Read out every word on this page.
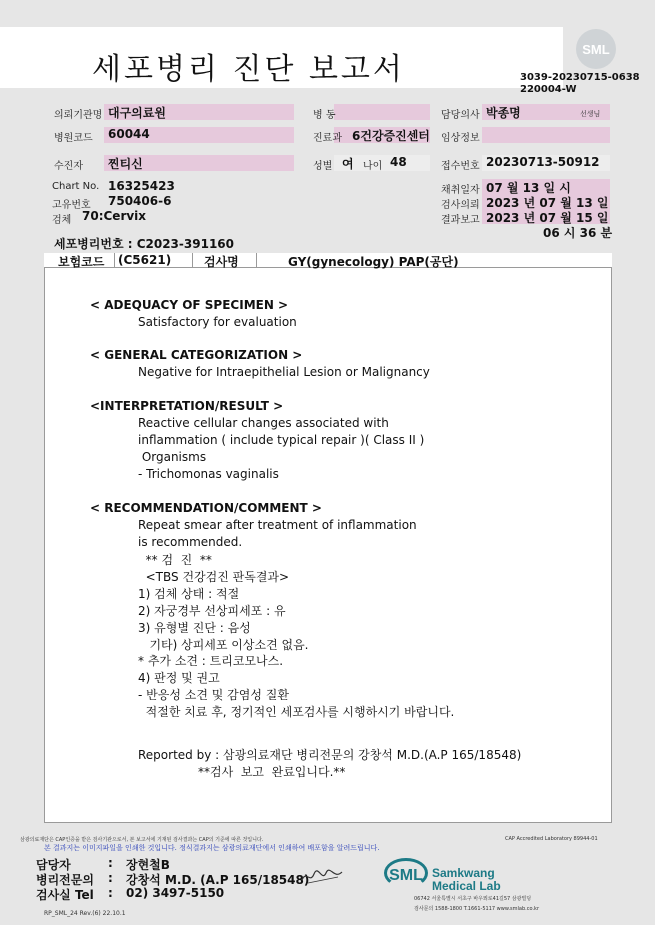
세포병리 진단 보고서
SML
3039-20230715-0638
220004-W
의뢰기관명 대구의료원	병 동	담당의사 박종명	선생님
병원코드 60044	진료과 6건강증진센터 임상정보
수진자 찐티신	성별 여 나이 48	접수번호 20230713-50912
Chart No. 16325423
고유번호 750406-6
검체 70:Cervix
채취일자 07 월 13 일 시
검사의뢰 2023 년 07 월 13 일
결과보고 2023 년 07 월 15 일
06 시 36 분
세포병리번호 : C2023-391160
보험코드 (C5621)	검사명	GY(gynecology) PAP(공단)
< ADEQUACY OF SPECIMEN >
Satisfactory for evaluation
< GENERAL CATEGORIZATION >
Negative for Intraepithelial Lesion or Malignancy
<INTERPRETATION/RESULT >
Reactive cellular changes associated with
inflammation ( include typical repair )( Class II )
Organisms
- Trichomonas vaginalis
< RECOMMENDATION/COMMENT >
Repeat smear after treatment of inflammation
is recommended.
** 검  진  **
<TBS 건강검진 판독결과>
1) 검체 상태 : 적절
2) 자궁경부 선상피세포 : 유
3) 유형별 진단 : 음성
기타) 상피세포 이상소견 없음.
* 추가 소견 : 트리코모나스.
4) 판정 및 권고
- 반응성 소견 및 감염성 질환
적절한 치료 후, 정기적인 세포검사를 시행하시기 바랍니다.
Reported by : 삼광의료재단 병리전문의 강창석 M.D.(A.P 165/18548)
**검사  보고  완료입니다.**
삼광의료재단은 CAP인증을 받은 검사기관으로서, 본 보고서에 기재된 검사결과는 CAP의 기준에 따른 것입니다.	CAP Accredited Laboratory 89944-01
본 결과지는 이미지파일을 인쇄한 것입니다. 정식결과지는 삼광의료재단에서 인쇄하여 배포함을 알려드립니다.
담당자	: 장현철B
병리전문의 : 강창석 M.D. (A.P 165/18548)
검사실 Tel : 02) 3497-5150
RP_SML_24 Rev.(6) 22.10.1
SML Samkwang
Medical Lab
06742 서울특별시 서초구 바우뫼로41길57 삼광빌딩
검사문의 1588-1800 T.1661-5117 www.smlab.co.kr
